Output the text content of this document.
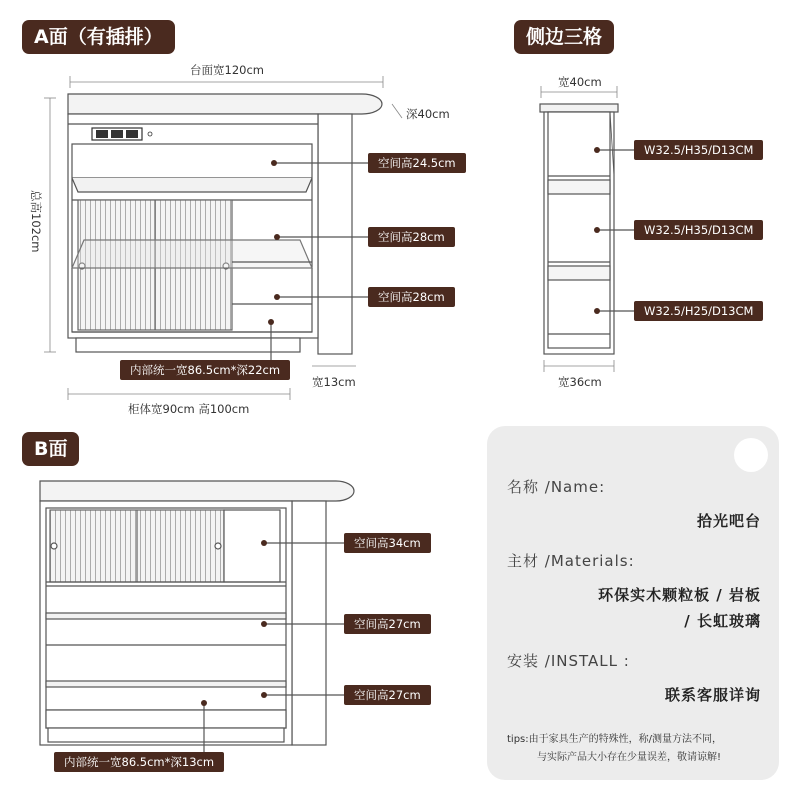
A面（有插排）	侧边三格
B面
台面宽120cm
深40cm
总高102cm
柜体宽90cm 高100cm
宽13cm
空间高24.5cm
空间高28cm
空间高28cm
内部统一宽86.5cm*深22cm
宽40cm
宽36cm
W32.5/H35/D13CM
W32.5/H35/D13CM
W32.5/H25/D13CM
空间高34cm
空间高27cm
空间高27cm
内部统一宽86.5cm*深13cm
名称 /Name:
拾光吧台
主材 /Materials:
环保实木颗粒板 / 岩板
/ 长虹玻璃
安装 /INSTALL :
联系客服详询
tips:由于家具生产的特殊性，称/测量方法不同，
与实际产品大小存在少量误差，敬请谅解!
